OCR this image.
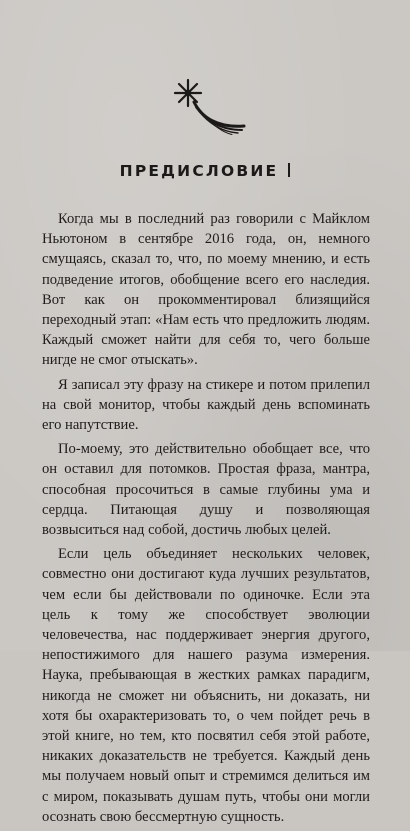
ПРЕДИСЛОВИЕ

Когда мы в последний раз говорили с Майклом Ньютоном в сентябре 2016 года, он, немного смущаясь, сказал то, что, по моему мнению, и есть подведение итогов, обобщение всего его наследия. Вот как он прокомментировал близящийся переходный этап: «Нам есть что предложить людям. Каждый сможет найти для себя то, чего больше нигде не смог отыскать».

Я записал эту фразу на стикере и потом прилепил на свой монитор, чтобы каждый день вспоминать его напутствие.

По-моему, это действительно обобщает все, что он оставил для потомков. Простая фраза, мантра, способная просочиться в самые глубины ума и сердца. Питающая душу и позволяющая возвыситься над собой, достичь любых целей.

Если цель объединяет нескольких человек, совместно они достигают куда лучших результатов, чем если бы действовали по одиночке. Если эта цель к тому же способствует эволюции человечества, нас поддерживает энергия другого, непостижимого для нашего разума измерения. Наука, пребывающая в жестких рамках парадигм, никогда не сможет ни объяснить, ни доказать, ни хотя бы охарактеризовать то, о чем пойдет речь в этой книге, но тем, кто посвятил себя этой работе, никаких доказательств не требуется. Каждый день мы получаем новый опыт и стремимся делиться им с миром, показывать душам путь, чтобы они могли осознать свою бессмертную сущность.
